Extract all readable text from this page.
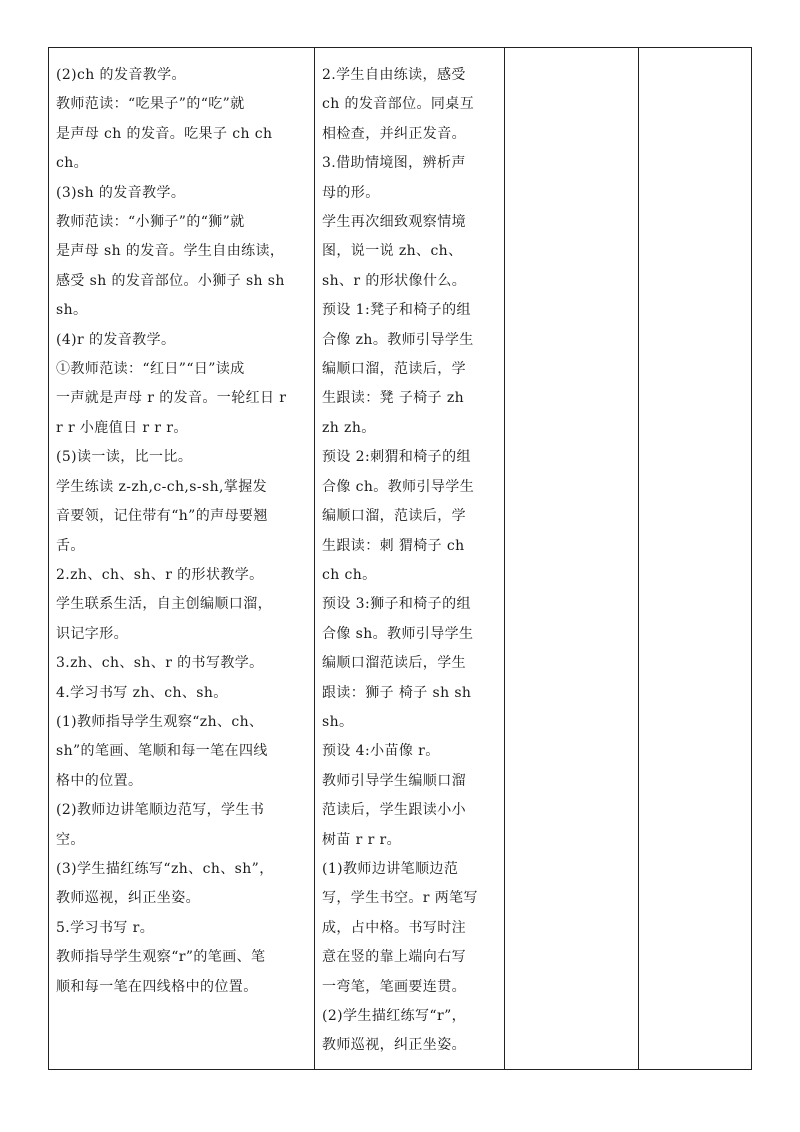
(2)ch 的发音教学。
教师范读：“吃果子”的“吃”就
是声母 ch 的发音。吃果子 ch ch
ch。
(3)sh 的发音教学。
教师范读：“小狮子”的“狮”就
是声母 sh 的发音。学生自由练读，
感受 sh 的发音部位。小狮子 sh sh
sh。
(4)r 的发音教学。
①教师范读：“红日”“日”读成
一声就是声母 r 的发音。一轮红日 r
r r 小鹿值日 r r r。
(5)读一读，比一比。
学生练读 z-zh,c-ch,s-sh,掌握发
音要领，记住带有“h”的声母要翘
舌。
2.zh、ch、sh、r 的形状教学。
学生联系生活，自主创编顺口溜，
识记字形。
3.zh、ch、sh、r 的书写教学。
4.学习书写 zh、ch、sh。
(1)教师指导学生观察“zh、ch、
sh”的笔画、笔顺和每一笔在四线
格中的位置。
(2)教师边讲笔顺边范写，学生书
空。
(3)学生描红练写“zh、ch、sh”，
教师巡视，纠正坐姿。
5.学习书写 r。
教师指导学生观察“r”的笔画、笔
顺和每一笔在四线格中的位置。
2.学生自由练读，感受
ch 的发音部位。同桌互
相检查，并纠正发音。
3.借助情境图，辨析声
母的形。
学生再次细致观察情境
图，说一说 zh、ch、
sh、r 的形状像什么。
预设 1:凳子和椅子的组
合像 zh。教师引导学生
编顺口溜，范读后，学
生跟读：凳 子椅子 zh
zh zh。
预设 2:刺猬和椅子的组
合像 ch。教师引导学生
编顺口溜，范读后，学
生跟读：刺 猬椅子 ch
ch ch。
预设 3:狮子和椅子的组
合像 sh。教师引导学生
编顺口溜范读后，学生
跟读：狮子 椅子 sh sh
sh。
预设 4:小苗像 r。
教师引导学生编顺口溜
范读后，学生跟读小小
树苗 r r r。
(1)教师边讲笔顺边范
写，学生书空。r 两笔写
成，占中格。书写时注
意在竖的靠上端向右写
一弯笔，笔画要连贯。
(2)学生描红练写“r”，
教师巡视，纠正坐姿。
